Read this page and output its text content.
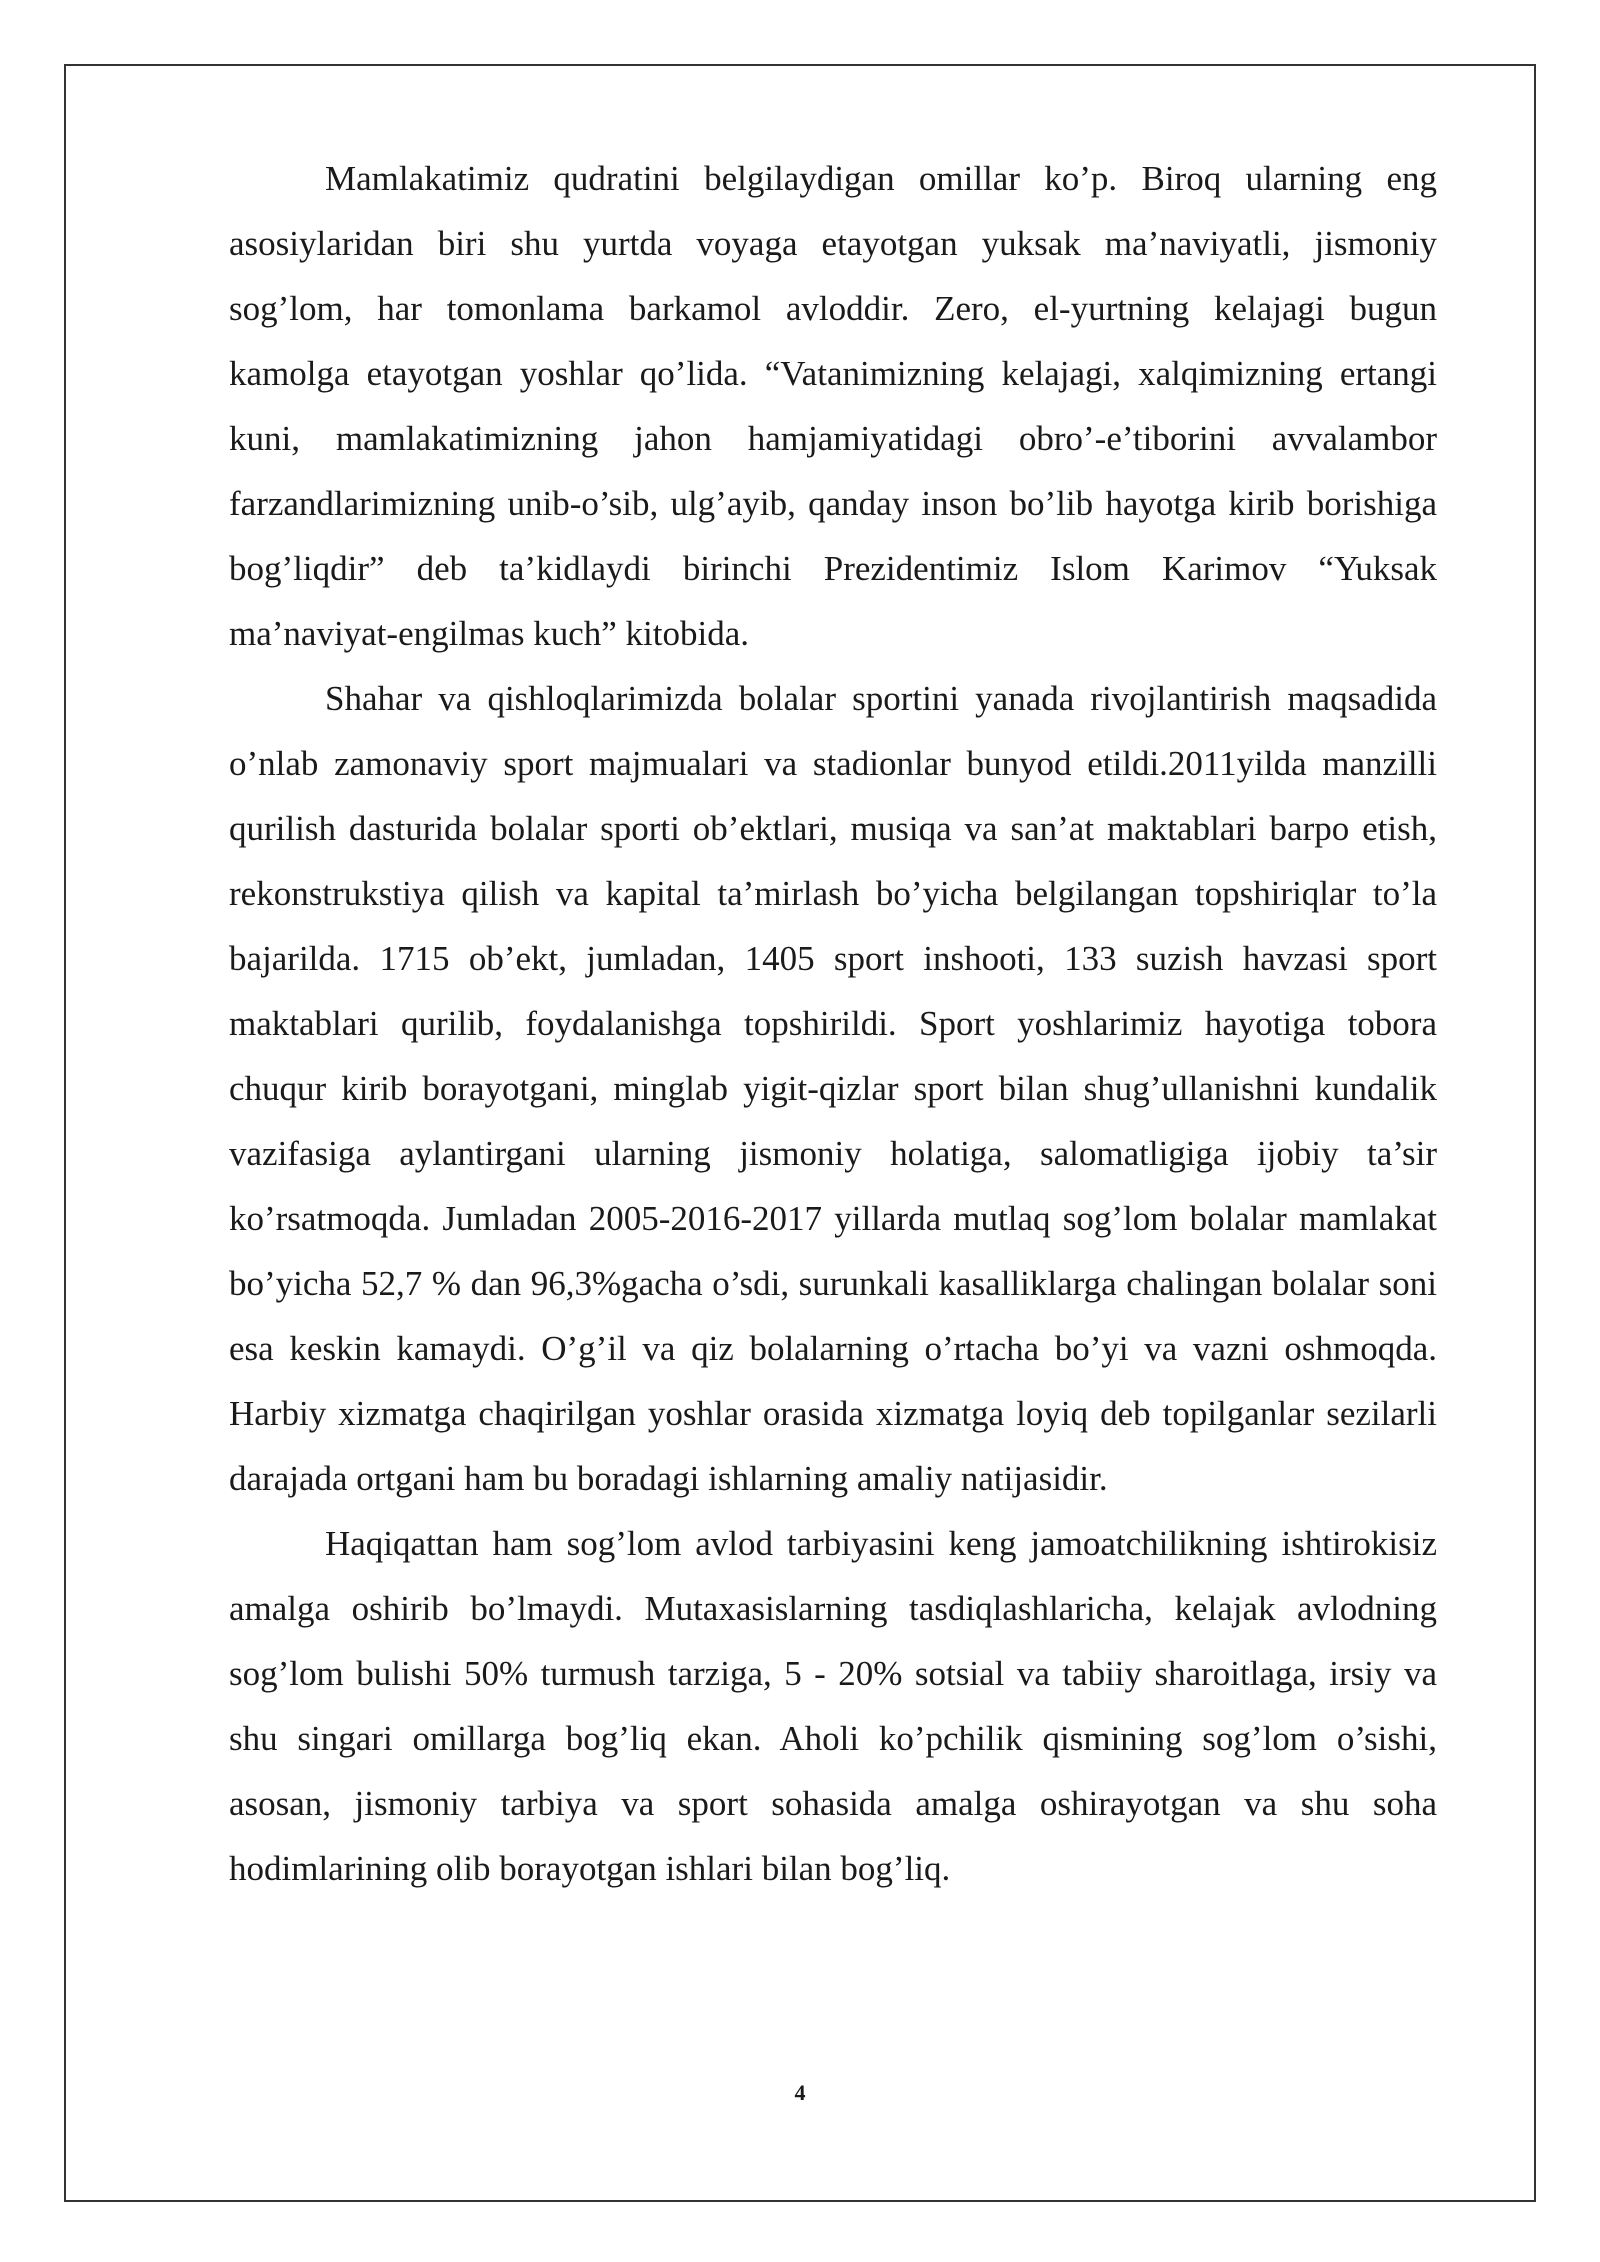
Mamlakatimiz qudratini belgilaydigan omillar ko’p. Biroq ularning eng asosiylaridan biri shu yurtda voyaga etayotgan yuksak ma’naviyatli, jismoniy sog’lom, har tomonlama barkamol avloddir. Zero, el-yurtning kelajagi bugun kamolga etayotgan yoshlar qo’lida. “Vatanimizning kelajagi, xalqimizning ertangi kuni, mamlakatimizning jahon hamjamiyatidagi obro’-e’tiborini avvalambor farzandlarimizning unib-o’sib, ulg’ayib, qanday inson bo’lib hayotga kirib borishiga bog’liqdir” deb ta’kidlaydi birinchi Prezidentimiz Islom Karimov “Yuksak ma’naviyat-engilmas kuch” kitobida.

Shahar va qishloqlarimizda bolalar sportini yanada rivojlantirish maqsadida o’nlab zamonaviy sport majmualari va stadionlar bunyod etildi.2011yilda manzilli qurilish dasturida bolalar sporti ob’ektlari, musiqa va san’at maktablari barpo etish, rekonstrukstiya qilish va kapital ta’mirlash bo’yicha belgilangan topshiriqlar to’la bajarilda. 1715 ob’ekt, jumladan, 1405 sport inshooti, 133 suzish havzasi sport maktablari qurilib, foydalanishga topshirildi. Sport yoshlarimiz hayotiga tobora chuqur kirib borayotgani, minglab yigit-qizlar sport bilan shug’ullanishni kundalik vazifasiga aylantirgani ularning jismoniy holatiga, salomatligiga ijobiy ta’sir ko’rsatmoqda. Jumladan 2005-2016-2017 yillarda mutlaq sog’lom bolalar mamlakat bo’yicha 52,7 % dan 96,3%gacha o’sdi, surunkali kasalliklarga chalingan bolalar soni esa keskin kamaydi. O’g’il va qiz bolalarning o’rtacha bo’yi va vazni oshmoqda. Harbiy xizmatga chaqirilgan yoshlar orasida xizmatga loyiq deb topilganlar sezilarli darajada ortgani ham bu boradagi ishlarning amaliy natijasidir.

Haqiqattan ham sog’lom avlod tarbiyasini keng jamoatchilikning ishtirokisiz amalga oshirib bo’lmaydi. Mutaxasislarning tasdiqlashlaricha, kelajak avlodning sog’lom bulishi 50% turmush tarziga, 5 - 20% sotsial va tabiiy sharoitlaga, irsiy va shu singari omillarga bog’liq ekan. Aholi ko’pchilik qismining sog’lom o’sishi, asosan, jismoniy tarbiya va sport sohasida amalga oshirayotgan va shu soha hodimlarining olib borayotgan ishlari bilan bog’liq.

4
